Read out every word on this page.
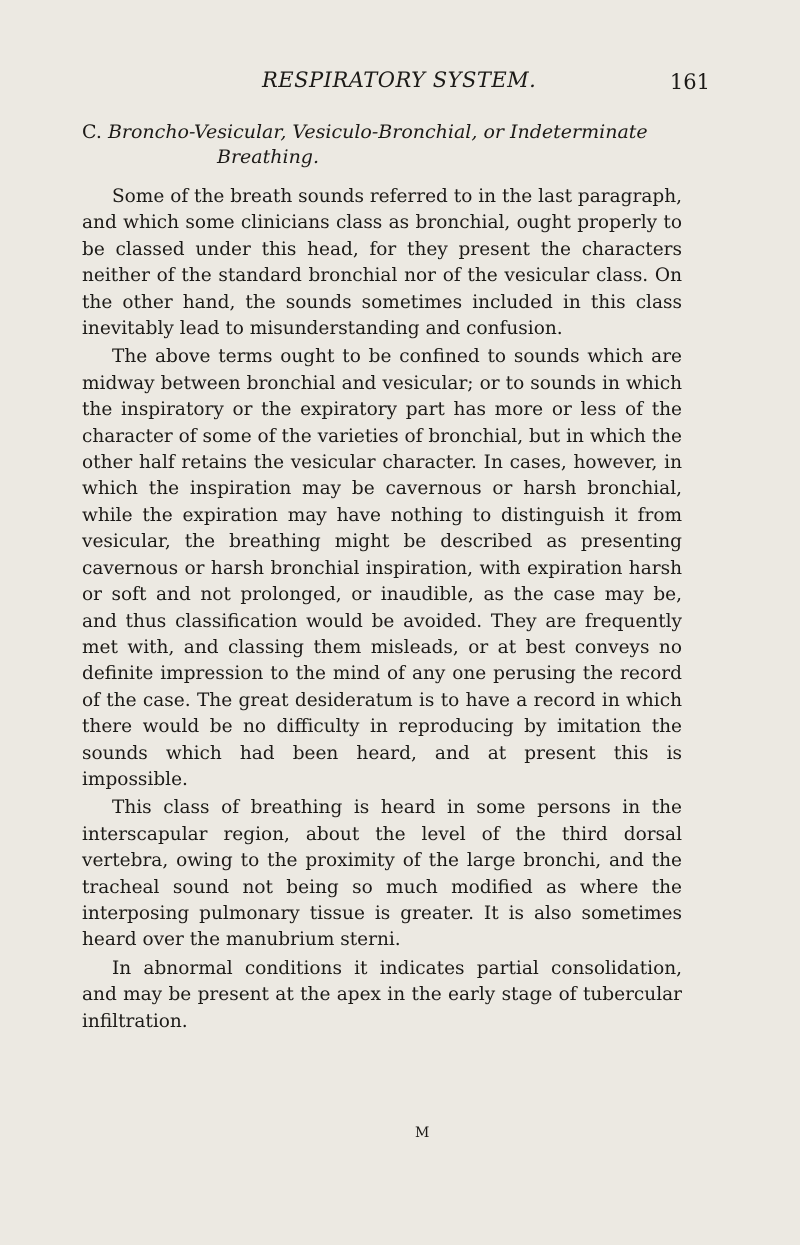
RESPIRATORY SYSTEM.	161
C. Broncho-Vesicular, Vesiculo-Bronchial, or Indeterminate
Breathing.

Some of the breath sounds referred to in the last paragraph, and which some clinicians class as bronchial, ought properly to be classed under this head, for they present the characters neither of the standard bronchial nor of the vesicular class. On the other hand, the sounds sometimes included in this class inevitably lead to misunderstanding and confusion.

The above terms ought to be confined to sounds which are midway between bronchial and vesicular; or to sounds in which the inspiratory or the expiratory part has more or less of the character of some of the varieties of bronchial, but in which the other half retains the vesicular character. In cases, however, in which the inspiration may be cavernous or harsh bronchial, while the expiration may have nothing to distinguish it from vesicular, the breathing might be described as presenting cavernous or harsh bronchial inspiration, with expiration harsh or soft and not prolonged, or inaudible, as the case may be, and thus classification would be avoided. They are frequently met with, and classing them misleads, or at best conveys no definite impression to the mind of any one perusing the record of the case. The great desideratum is to have a record in which there would be no difficulty in reproducing by imitation the sounds which had been heard, and at present this is impossible.

This class of breathing is heard in some persons in the interscapular region, about the level of the third dorsal vertebra, owing to the proximity of the large bronchi, and the tracheal sound not being so much modified as where the interposing pulmonary tissue is greater. It is also sometimes heard over the manubrium sterni.

In abnormal conditions it indicates partial consolidation, and may be present at the apex in the early stage of tubercular infiltration.

M
